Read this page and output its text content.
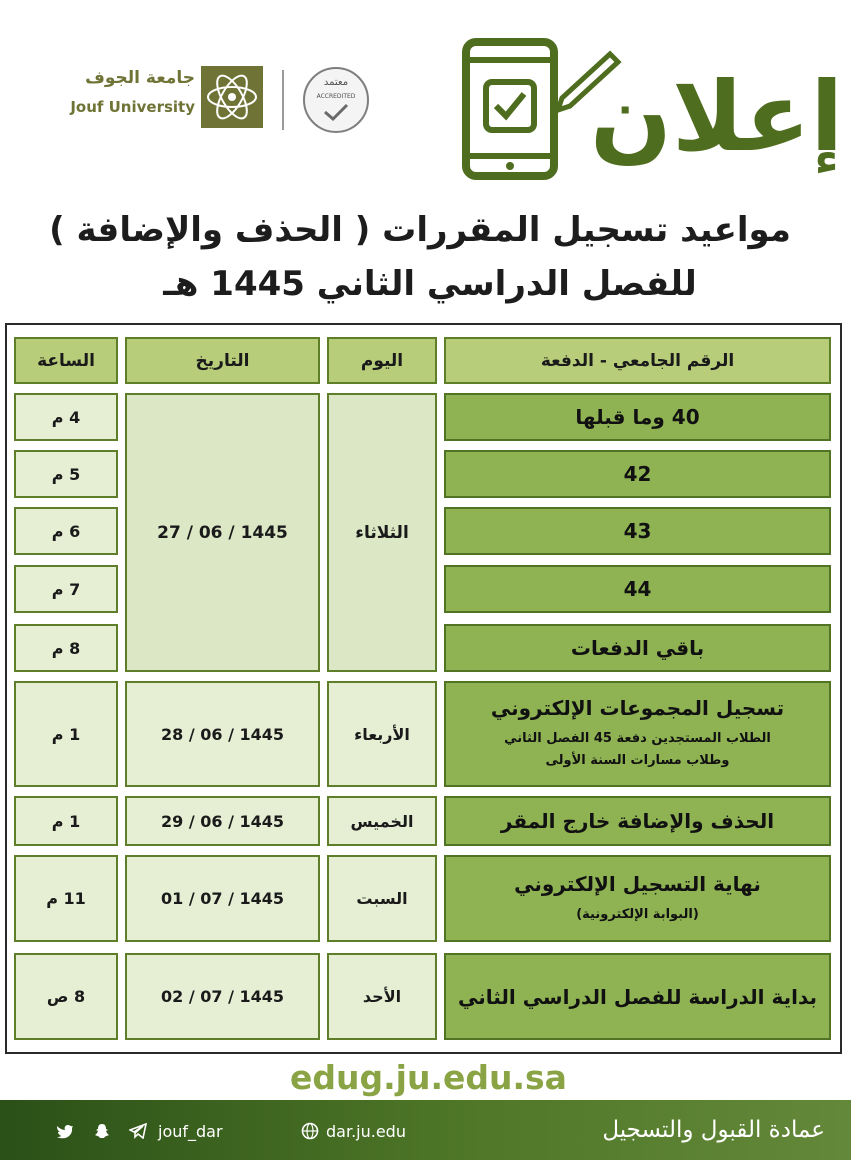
جامعة الجوف
Jouf University
معتمد
ACCREDITED إعلان
مواعيد تسجيل المقررات ( الحذف والإضافة )
للفصل الدراسي الثاني 1445 هـ
الرقم الجامعي - الدفعة
اليوم
التاريخ
الساعة
40 وما قبلها
42
43
44
باقي الدفعات
الثلاثاء
1445 / 06 / 27
4 م
5 م
6 م
7 م
8 م
تسجيل المجموعات الإلكتروني
الطلاب المستجدين دفعة 45 الفصل الثاني
وطلاب مسارات السنة الأولى
الأربعاء
1445 / 06 / 28
1 م
الحذف والإضافة خارج المقر
الخميس
1445 / 06 / 29
1 م
نهاية التسجيل الإلكتروني
(البوابة الإلكترونية)
السبت
1445 / 07 / 01
11 م
بداية الدراسة للفصل الدراسي الثاني
الأحد
1445 / 07 / 02
8 ص
edug.ju.edu.sa
jouf_dar	dar.ju.edu	عمادة القبول والتسجيل
